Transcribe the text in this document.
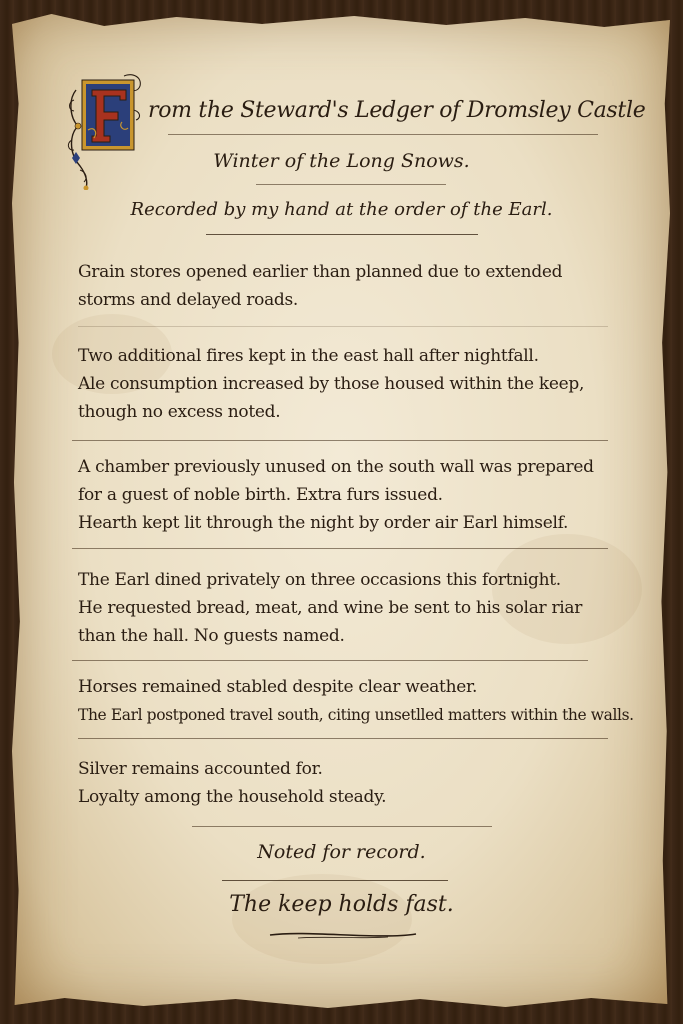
rom the Steward's Ledger of Dromsley Castle
Winter of the Long Snows.
Recorded by my hand at the order of the Earl.
Grain stores opened earlier than planned due to extended
storms and delayed roads.
Two additional fires kept in the east hall after nightfall.
Ale consumption increased by those housed within the keep,
though no excess noted.
A chamber previously unused on the south wall was prepared
for a guest of noble birth. Extra furs issued.
Hearth kept lit through the night by order air Earl himself.
The Earl dined privately on three occasions this fortnight.
He requested bread, meat, and wine be sent to his solar riar
than the hall. No guests named.
Horses remained stabled despite clear weather.
The Earl postponed travel south, citing unsetlled matters within the walls.
Silver remains accounted for.
Loyalty among the household steady.
Noted for record.
The keep holds fast.
